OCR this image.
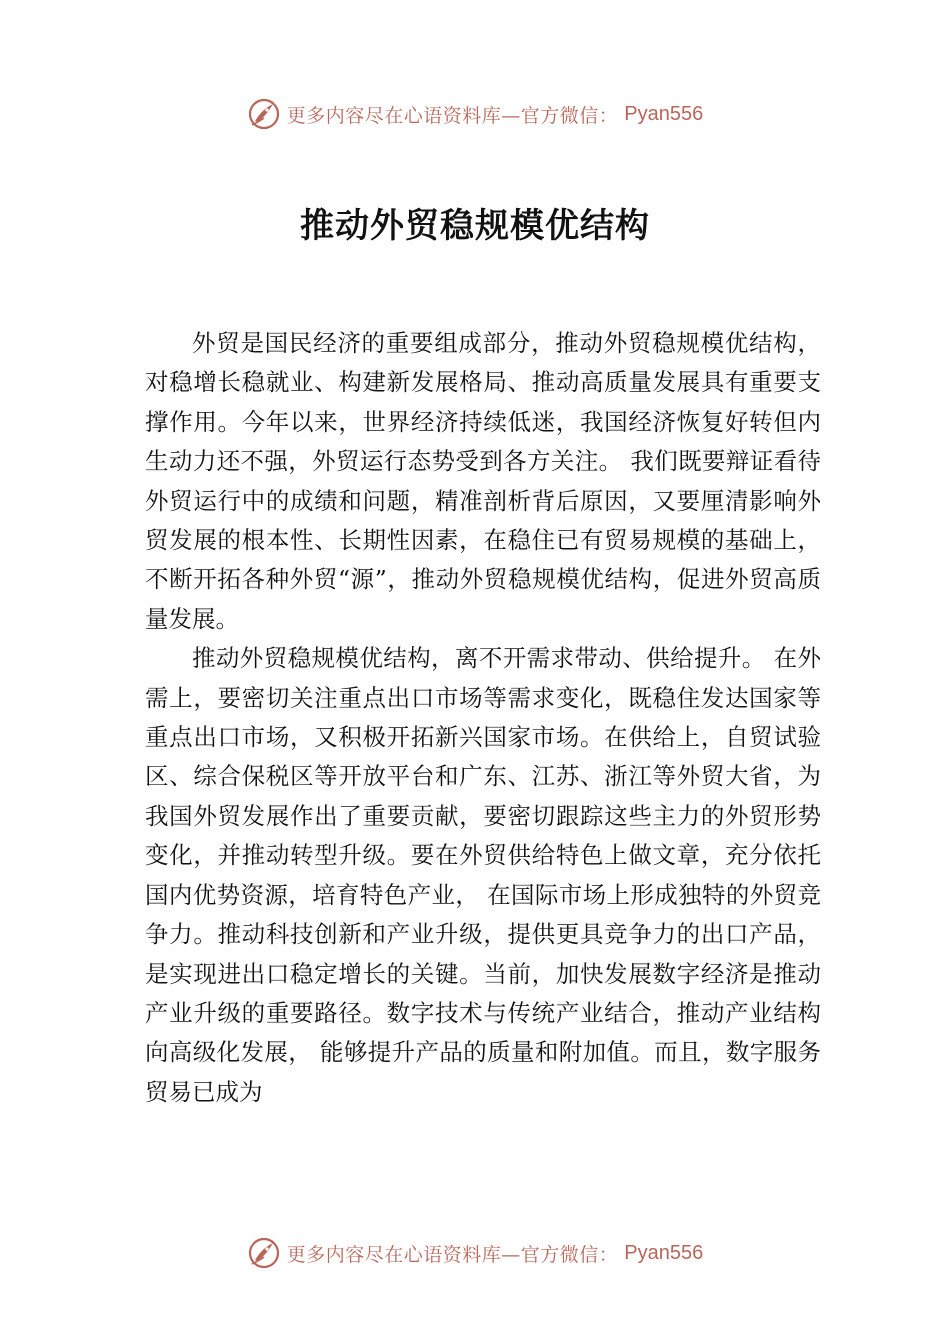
更多内容尽在心语资料库—官方微信： Pyan556
推动外贸稳规模优结构

外贸是国民经济的重要组成部分，推动外贸稳规模优结构，对稳增长稳就业、构建新发展格局、推动高质量发展具有重要支撑作用。今年以来，世界经济持续低迷，我国经济恢复好转但内生动力还不强，外贸运行态势受到各方关注。 我们既要辩证看待外贸运行中的成绩和问题，精准剖析背后原因，又要厘清影响外贸发展的根本性、长期性因素，在稳住已有贸易规模的基础上，不断开拓各种外贸“源”，推动外贸稳规模优结构，促进外贸高质量发展。

推动外贸稳规模优结构，离不开需求带动、供给提升。 在外需上，要密切关注重点出口市场等需求变化，既稳住发达国家等重点出口市场，又积极开拓新兴国家市场。在供给上，自贸试验区、综合保税区等开放平台和广东、江苏、浙江等外贸大省，为我国外贸发展作出了重要贡献，要密切跟踪这些主力的外贸形势变化，并推动转型升级。要在外贸供给特色上做文章，充分依托国内优势资源，培育特色产业， 在国际市场上形成独特的外贸竞争力。推动科技创新和产业升级，提供更具竞争力的出口产品，是实现进出口稳定增长的关键。当前，加快发展数字经济是推动产业升级的重要路径。数字技术与传统产业结合，推动产业结构向高级化发展， 能够提升产品的质量和附加值。而且，数字服务贸易已成为

更多内容尽在心语资料库—官方微信： Pyan556
